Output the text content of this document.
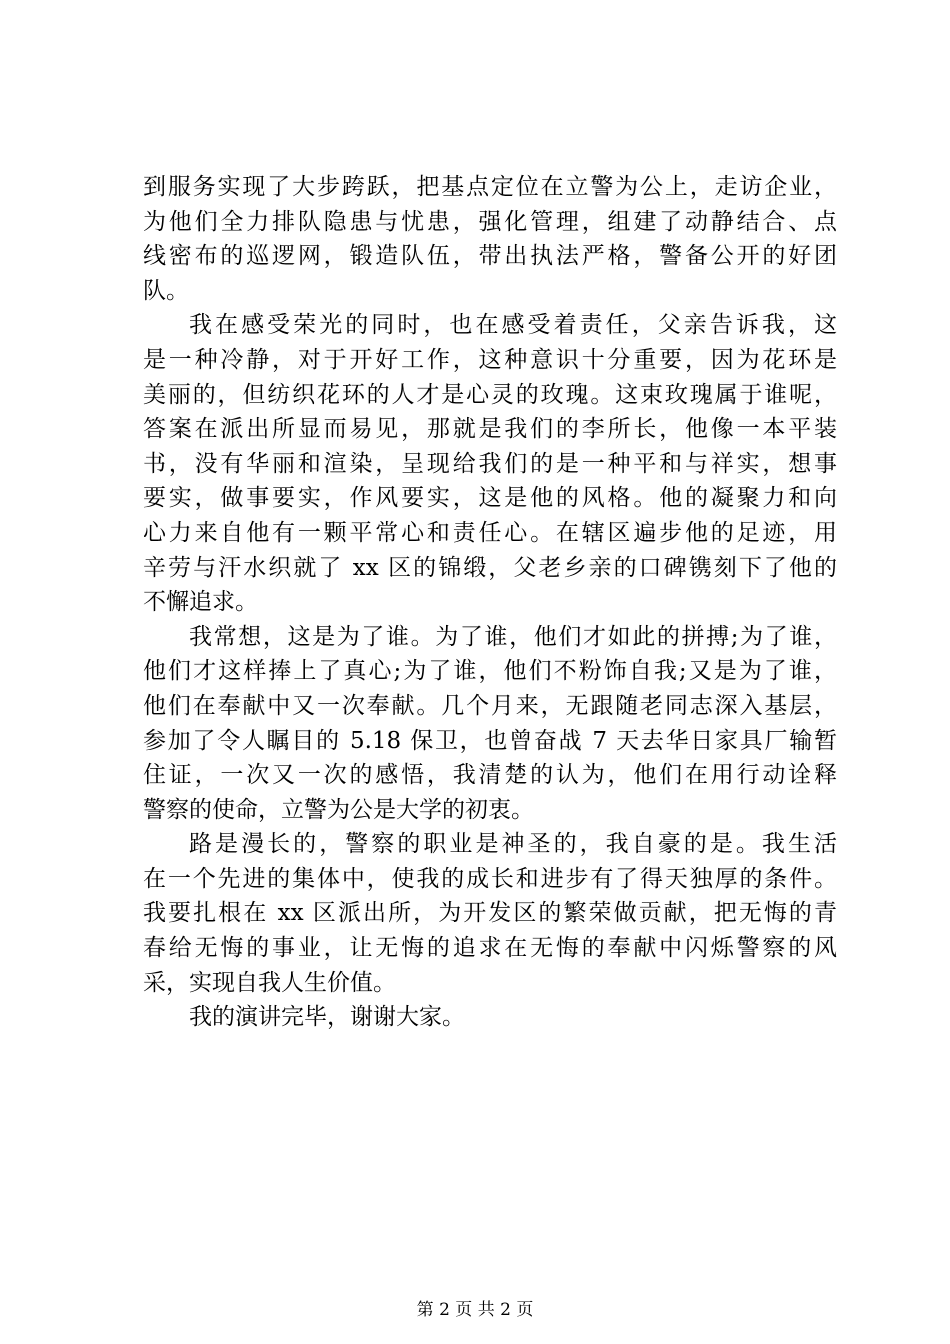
到服务实现了大步跨跃，把基点定位在立警为公上，走访企业，
为他们全力排队隐患与忧患，强化管理，组建了动静结合、点
线密布的巡逻网，锻造队伍，带出执法严格，警备公开的好团
队。
我在感受荣光的同时，也在感受着责任，父亲告诉我，这
是一种冷静，对于开好工作，这种意识十分重要，因为花环是
美丽的，但纺织花环的人才是心灵的玫瑰。这束玫瑰属于谁呢，
答案在派出所显而易见，那就是我们的李所长，他像一本平装
书，没有华丽和渲染，呈现给我们的是一种平和与祥实，想事
要实，做事要实，作风要实，这是他的风格。他的凝聚力和向
心力来自他有一颗平常心和责任心。在辖区遍步他的足迹，用
辛劳与汗水织就了 xx 区的锦缎，父老乡亲的口碑镌刻下了他的
不懈追求。
我常想，这是为了谁。为了谁，他们才如此的拼搏;为了谁，
他们才这样捧上了真心;为了谁，他们不粉饰自我;又是为了谁，
他们在奉献中又一次奉献。几个月来，无跟随老同志深入基层，
参加了令人瞩目的 5.18 保卫，也曾奋战 7 天去华日家具厂输暂
住证，一次又一次的感悟，我清楚的认为，他们在用行动诠释
警察的使命，立警为公是大学的初衷。
路是漫长的，警察的职业是神圣的，我自豪的是。我生活
在一个先进的集体中，使我的成长和进步有了得天独厚的条件。
我要扎根在 xx 区派出所，为开发区的繁荣做贡献，把无悔的青
春给无悔的事业，让无悔的追求在无悔的奉献中闪烁警察的风
采，实现自我人生价值。
我的演讲完毕，谢谢大家。
第 2 页 共 2 页
